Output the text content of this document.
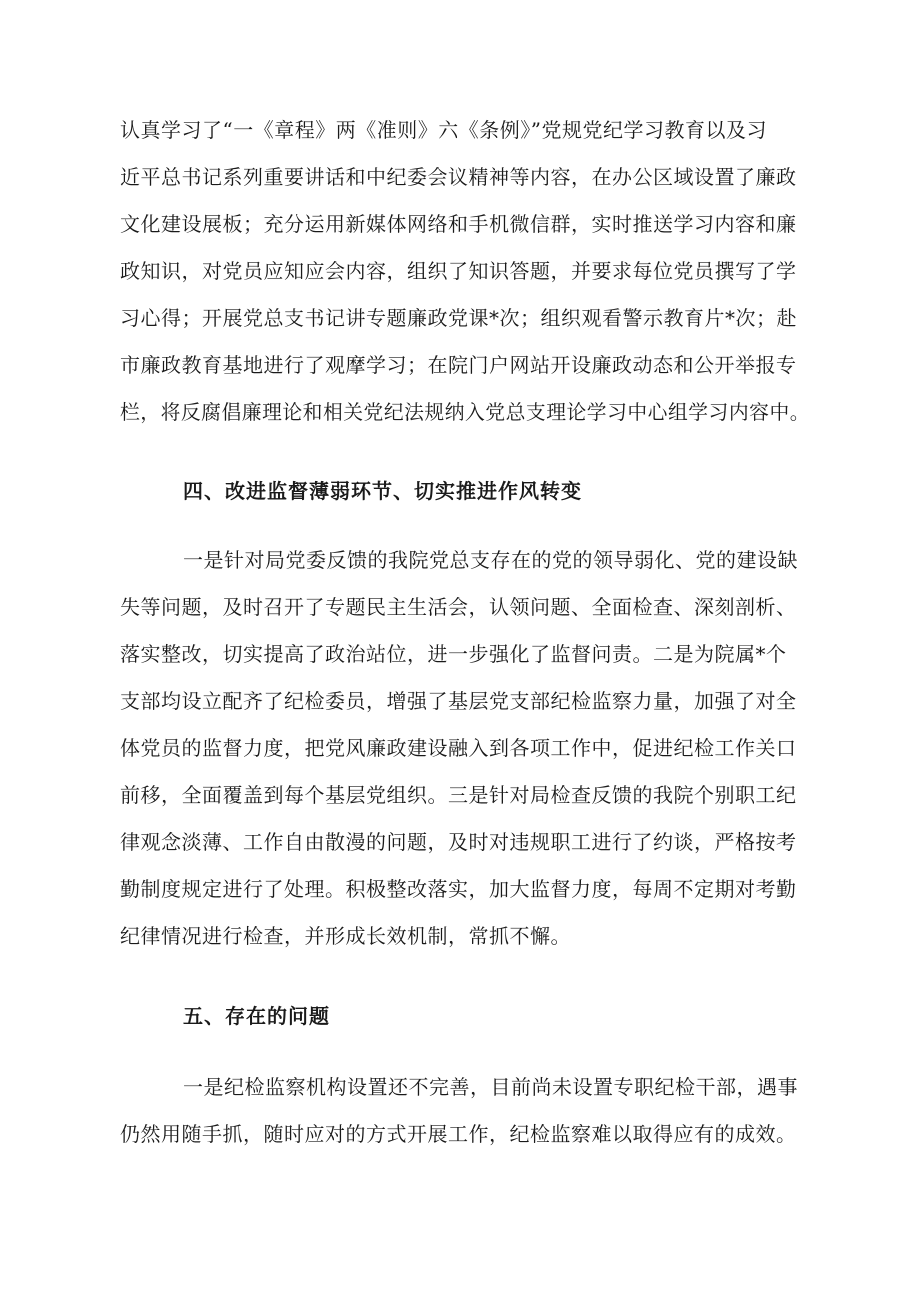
认真学习了“一《章程》两《准则》六《条例》”党规党纪学习教育以及习
近平总书记系列重要讲话和中纪委会议精神等内容，在办公区域设置了廉政
文化建设展板；充分运用新媒体网络和手机微信群，实时推送学习内容和廉
政知识，对党员应知应会内容，组织了知识答题，并要求每位党员撰写了学
习心得；开展党总支书记讲专题廉政党课*次；组织观看警示教育片*次；赴
市廉政教育基地进行了观摩学习；在院门户网站开设廉政动态和公开举报专
栏，将反腐倡廉理论和相关党纪法规纳入党总支理论学习中心组学习内容中。
四、改进监督薄弱环节、切实推进作风转变
一是针对局党委反馈的我院党总支存在的党的领导弱化、党的建设缺
失等问题，及时召开了专题民主生活会，认领问题、全面检查、深刻剖析、
落实整改，切实提高了政治站位，进一步强化了监督问责。二是为院属*个
支部均设立配齐了纪检委员，增强了基层党支部纪检监察力量，加强了对全
体党员的监督力度，把党风廉政建设融入到各项工作中，促进纪检工作关口
前移，全面覆盖到每个基层党组织。三是针对局检查反馈的我院个别职工纪
律观念淡薄、工作自由散漫的问题，及时对违规职工进行了约谈，严格按考
勤制度规定进行了处理。积极整改落实，加大监督力度，每周不定期对考勤
纪律情况进行检查，并形成长效机制，常抓不懈。
五、存在的问题
一是纪检监察机构设置还不完善，目前尚未设置专职纪检干部，遇事
仍然用随手抓，随时应对的方式开展工作，纪检监察难以取得应有的成效。
